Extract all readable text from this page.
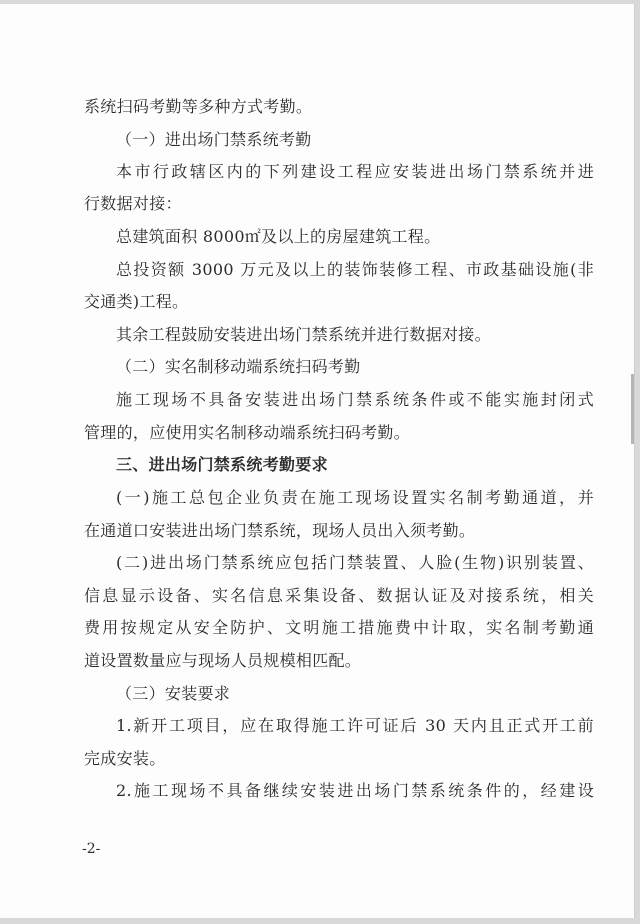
系统扫码考勤等多种方式考勤。
（一）进出场门禁系统考勤
本市行政辖区内的下列建设工程应安装进出场门禁系统并进
行数据对接：
总建筑面积 8000㎡及以上的房屋建筑工程。
总投资额 3000 万元及以上的装饰装修工程、市政基础设施(非
交通类)工程。
其余工程鼓励安装进出场门禁系统并进行数据对接。
（二）实名制移动端系统扫码考勤
施工现场不具备安装进出场门禁系统条件或不能实施封闭式
管理的，应使用实名制移动端系统扫码考勤。
三、进出场门禁系统考勤要求
(一)施工总包企业负责在施工现场设置实名制考勤通道，并
在通道口安装进出场门禁系统，现场人员出入须考勤。
(二)进出场门禁系统应包括门禁装置、人脸(生物)识别装置、
信息显示设备、实名信息采集设备、数据认证及对接系统，相关
费用按规定从安全防护、文明施工措施费中计取，实名制考勤通
道设置数量应与现场人员规模相匹配。
（三）安装要求
1.新开工项目，应在取得施工许可证后 30 天内且正式开工前
完成安装。
2.施工现场不具备继续安装进出场门禁系统条件的，经建设
-2-
